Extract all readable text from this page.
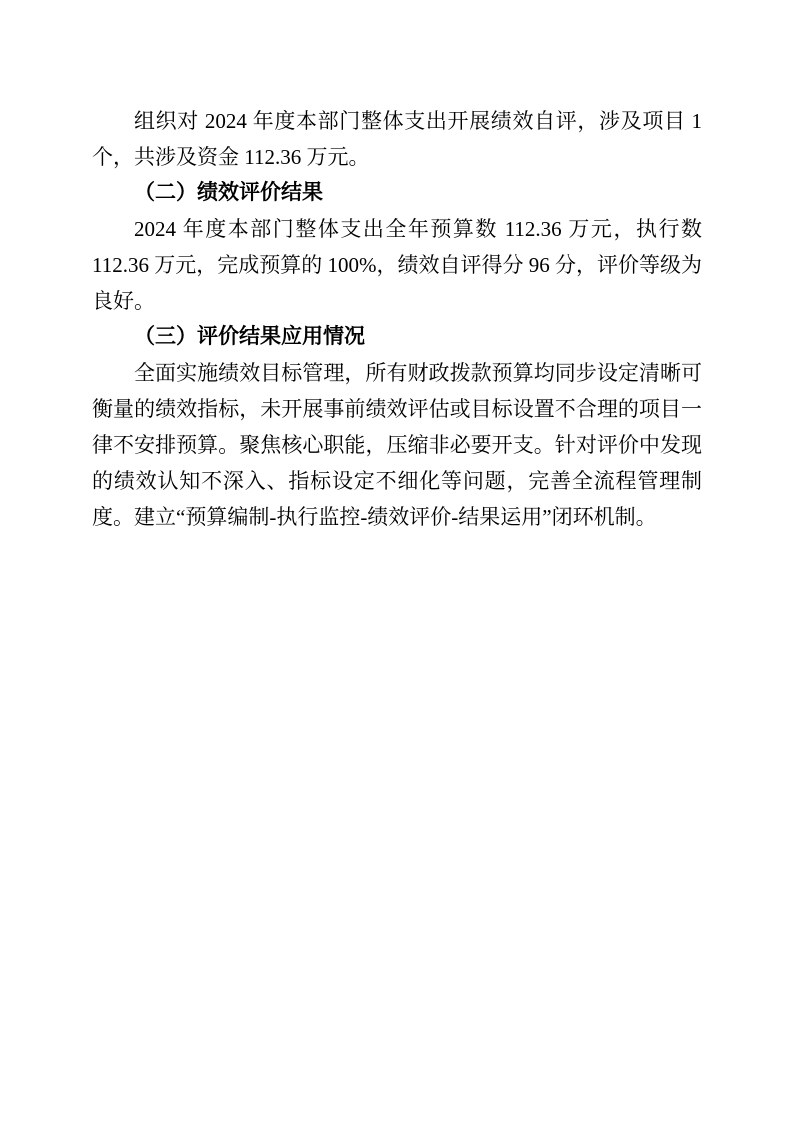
组织对 2024 年度本部门整体支出开展绩效自评，涉及项目 1 个，共涉及资金 112.36 万元。

（二）绩效评价结果

2024 年度本部门整体支出全年预算数 112.36 万元，执行数 112.36 万元，完成预算的 100%，绩效自评得分 96 分，评价等级为良好。

（三）评价结果应用情况

全面实施绩效目标管理，所有财政拨款预算均同步设定清晰可衡量的绩效指标，未开展事前绩效评估或目标设置不合理的项目一律不安排预算。聚焦核心职能，压缩非必要开支。针对评价中发现的绩效认知不深入、指标设定不细化等问题，完善全流程管理制度。建立“预算编制-执行监控-绩效评价-结果运用”闭环机制。
